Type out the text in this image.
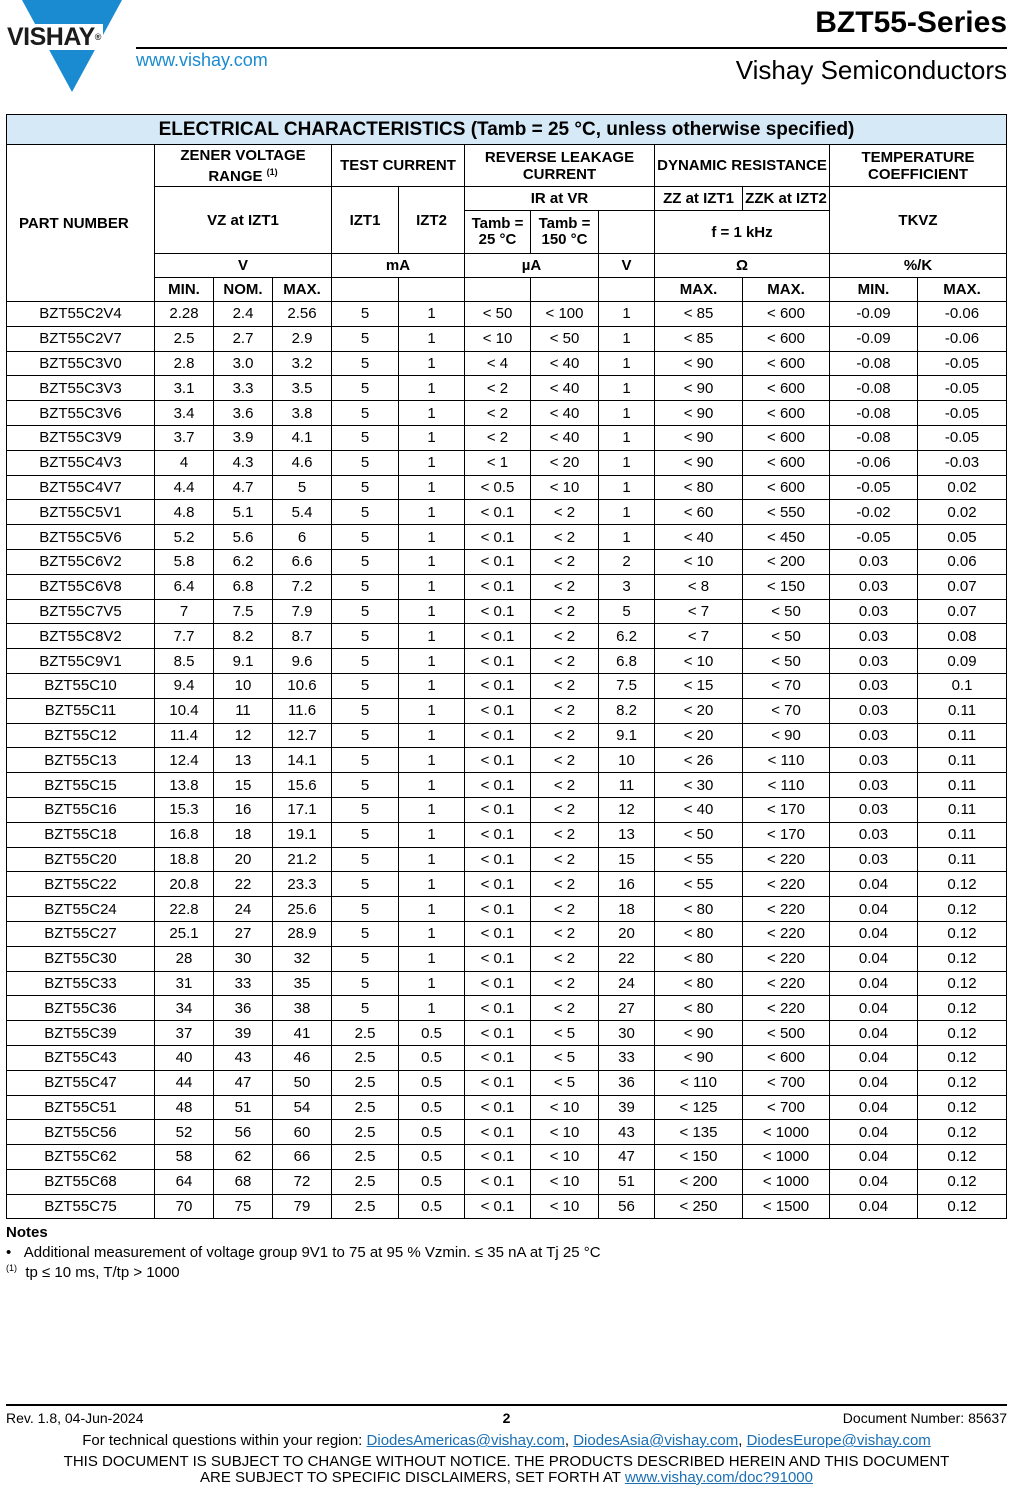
VISHAY®
www.vishay.com
BZT55-Series
Vishay Semiconductors
ELECTRICAL CHARACTERISTICS (Tamb = 25 °C, unless otherwise specified)												
PART NUMBER	ZENER VOLTAGE RANGE $^{(1)}$			TEST CURRENT		REVERSE LEAKAGE CURRENT			DYNAMIC RESISTANCE		TEMPERATURE COEFFICIENT	
	VZ at IZT1			IZT1	IZT2	IR at VR			ZZ at IZT1	ZZK at IZT2	TKVZ	
						Tamb = 25 °C	Tamb = 150 °C		f = 1 kHz			
	V			mA		µA		V	Ω		%/K	
	MIN.	NOM.	MAX.						MAX.	MAX.	MIN.	MAX.
BZT55C2V4	2.28	2.4	2.56	5	1	< 50	< 100	1	< 85	< 600	-0.09	-0.06
BZT55C2V7	2.5	2.7	2.9	5	1	< 10	< 50	1	< 85	< 600	-0.09	-0.06
BZT55C3V0	2.8	3.0	3.2	5	1	< 4	< 40	1	< 90	< 600	-0.08	-0.05
BZT55C3V3	3.1	3.3	3.5	5	1	< 2	< 40	1	< 90	< 600	-0.08	-0.05
BZT55C3V6	3.4	3.6	3.8	5	1	< 2	< 40	1	< 90	< 600	-0.08	-0.05
BZT55C3V9	3.7	3.9	4.1	5	1	< 2	< 40	1	< 90	< 600	-0.08	-0.05
BZT55C4V3	4	4.3	4.6	5	1	< 1	< 20	1	< 90	< 600	-0.06	-0.03
BZT55C4V7	4.4	4.7	5	5	1	< 0.5	< 10	1	< 80	< 600	-0.05	0.02
BZT55C5V1	4.8	5.1	5.4	5	1	< 0.1	< 2	1	< 60	< 550	-0.02	0.02
BZT55C5V6	5.2	5.6	6	5	1	< 0.1	< 2	1	< 40	< 450	-0.05	0.05
BZT55C6V2	5.8	6.2	6.6	5	1	< 0.1	< 2	2	< 10	< 200	0.03	0.06
BZT55C6V8	6.4	6.8	7.2	5	1	< 0.1	< 2	3	< 8	< 150	0.03	0.07
BZT55C7V5	7	7.5	7.9	5	1	< 0.1	< 2	5	< 7	< 50	0.03	0.07
BZT55C8V2	7.7	8.2	8.7	5	1	< 0.1	< 2	6.2	< 7	< 50	0.03	0.08
BZT55C9V1	8.5	9.1	9.6	5	1	< 0.1	< 2	6.8	< 10	< 50	0.03	0.09
BZT55C10	9.4	10	10.6	5	1	< 0.1	< 2	7.5	< 15	< 70	0.03	0.1
BZT55C11	10.4	11	11.6	5	1	< 0.1	< 2	8.2	< 20	< 70	0.03	0.11
BZT55C12	11.4	12	12.7	5	1	< 0.1	< 2	9.1	< 20	< 90	0.03	0.11
BZT55C13	12.4	13	14.1	5	1	< 0.1	< 2	10	< 26	< 110	0.03	0.11
BZT55C15	13.8	15	15.6	5	1	< 0.1	< 2	11	< 30	< 110	0.03	0.11
BZT55C16	15.3	16	17.1	5	1	< 0.1	< 2	12	< 40	< 170	0.03	0.11
BZT55C18	16.8	18	19.1	5	1	< 0.1	< 2	13	< 50	< 170	0.03	0.11
BZT55C20	18.8	20	21.2	5	1	< 0.1	< 2	15	< 55	< 220	0.03	0.11
BZT55C22	20.8	22	23.3	5	1	< 0.1	< 2	16	< 55	< 220	0.04	0.12
BZT55C24	22.8	24	25.6	5	1	< 0.1	< 2	18	< 80	< 220	0.04	0.12
BZT55C27	25.1	27	28.9	5	1	< 0.1	< 2	20	< 80	< 220	0.04	0.12
BZT55C30	28	30	32	5	1	< 0.1	< 2	22	< 80	< 220	0.04	0.12
BZT55C33	31	33	35	5	1	< 0.1	< 2	24	< 80	< 220	0.04	0.12
BZT55C36	34	36	38	5	1	< 0.1	< 2	27	< 80	< 220	0.04	0.12
BZT55C39	37	39	41	2.5	0.5	< 0.1	< 5	30	< 90	< 500	0.04	0.12
BZT55C43	40	43	46	2.5	0.5	< 0.1	< 5	33	< 90	< 600	0.04	0.12
BZT55C47	44	47	50	2.5	0.5	< 0.1	< 5	36	< 110	< 700	0.04	0.12
BZT55C51	48	51	54	2.5	0.5	< 0.1	< 10	39	< 125	< 700	0.04	0.12
BZT55C56	52	56	60	2.5	0.5	< 0.1	< 10	43	< 135	< 1000	0.04	0.12
BZT55C62	58	62	66	2.5	0.5	< 0.1	< 10	47	< 150	< 1000	0.04	0.12
BZT55C68	64	68	72	2.5	0.5	< 0.1	< 10	51	< 200	< 1000	0.04	0.12
BZT55C75	70	75	79	2.5	0.5	< 0.1	< 10	56	< 250	< 1500	0.04	0.12
Notes
• Additional measurement of voltage group 9V1 to 75 at 95 % Vzmin. ≤ 35 nA at Tj 25 °C
$^{(1)}$ tp ≤ 10 ms, T/tp > 1000
Rev. 1.8, 04-Jun-2024	2	Document Number: 85637
For technical questions within your region: DiodesAmericas@vishay.com, DiodesAsia@vishay.com, DiodesEurope@vishay.com
THIS DOCUMENT IS SUBJECT TO CHANGE WITHOUT NOTICE. THE PRODUCTS DESCRIBED HEREIN AND THIS DOCUMENT
ARE SUBJECT TO SPECIFIC DISCLAIMERS, SET FORTH AT www.vishay.com/doc?91000
